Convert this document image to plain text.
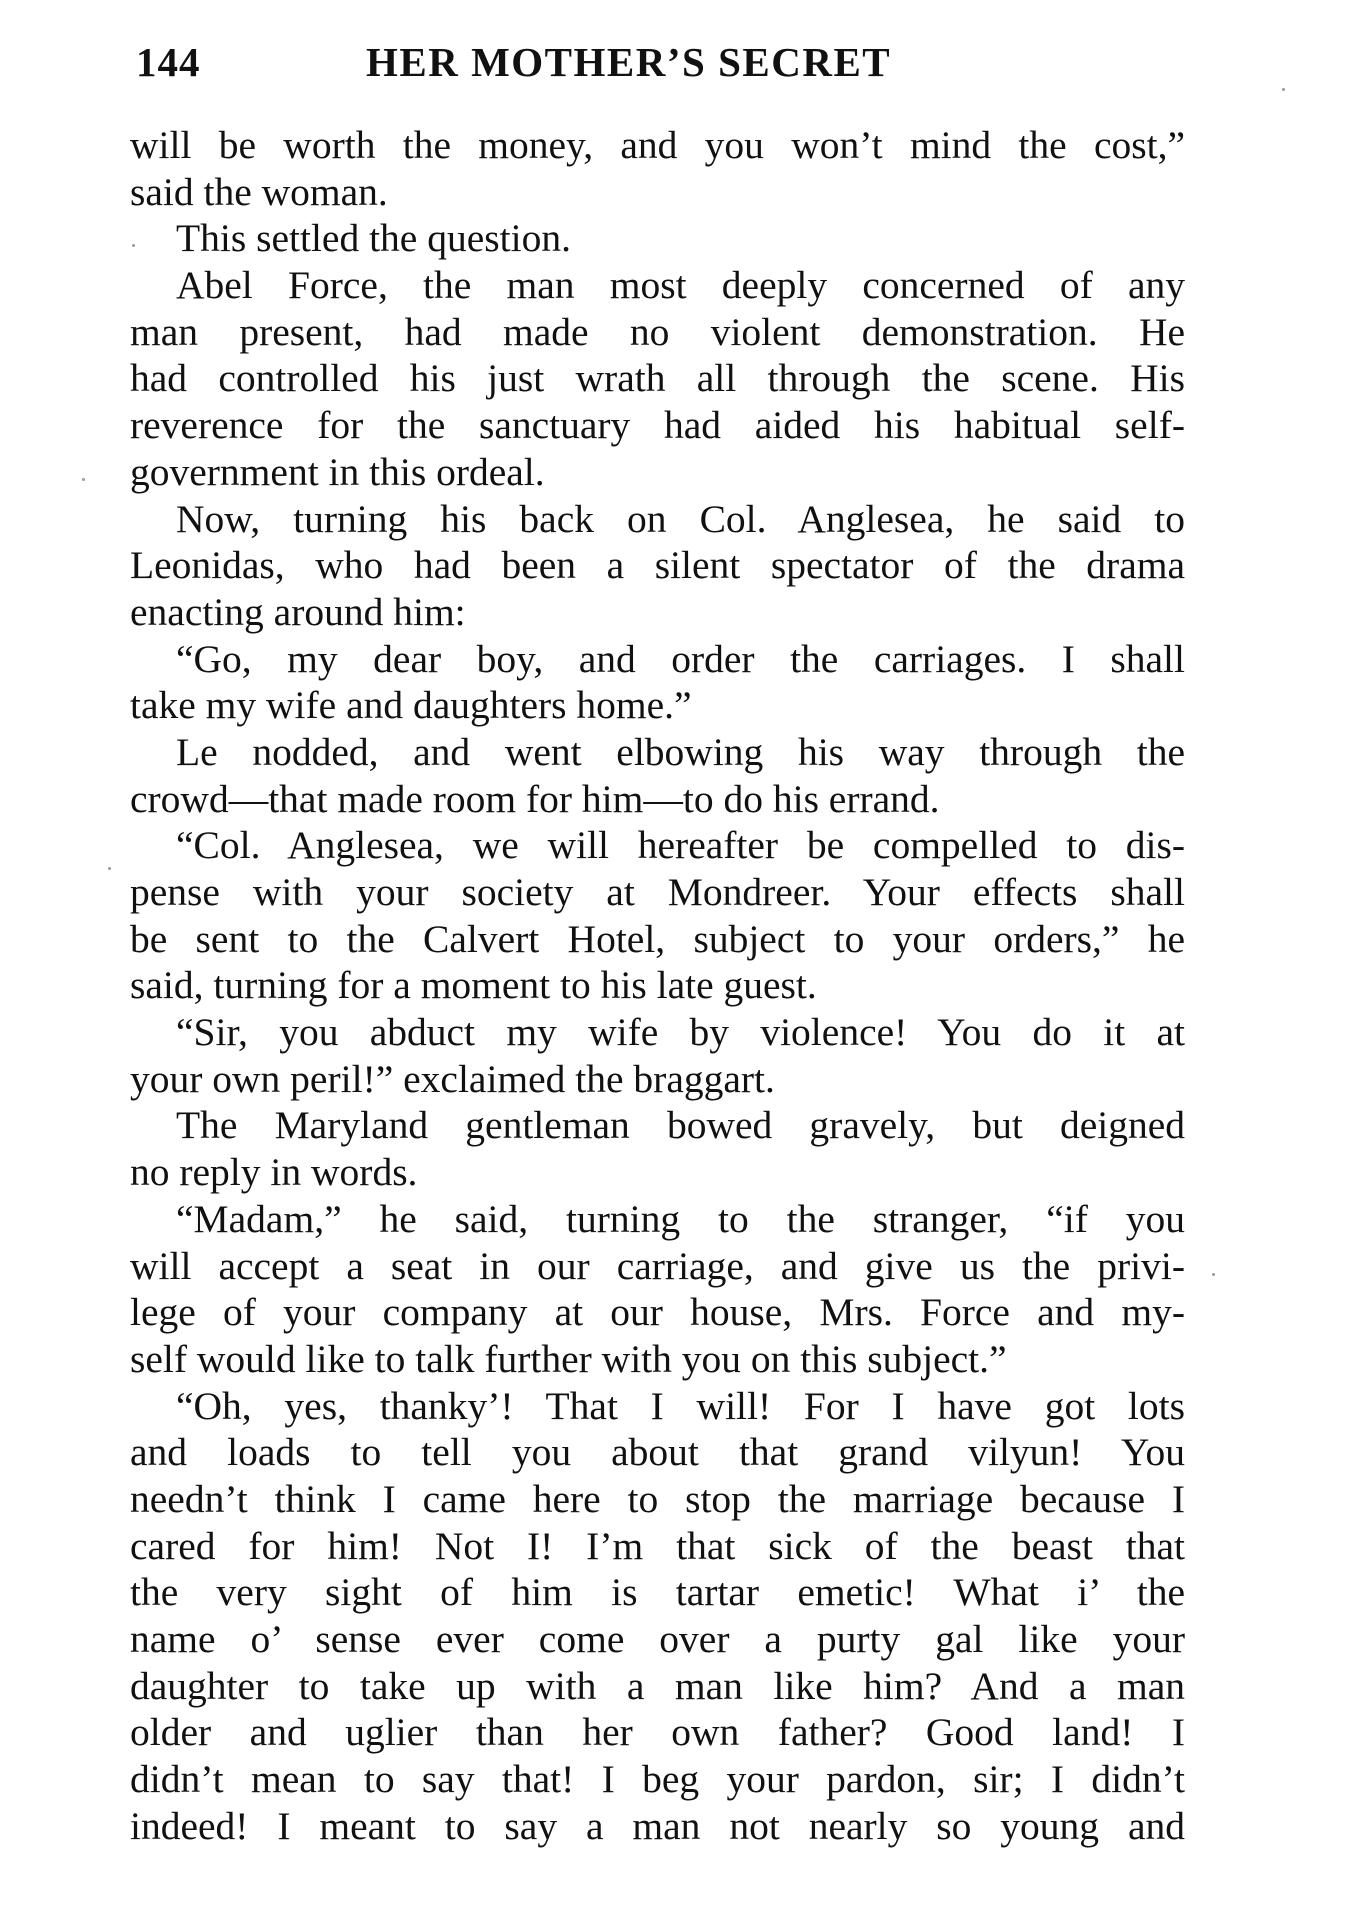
144	HER MOTHER’S SECRET
will be worth the money, and you won’t mind the cost,”
said the woman.
This settled the question.
Abel Force, the man most deeply concerned of any
man present, had made no violent demonstration. He
had controlled his just wrath all through the scene. His
reverence for the sanctuary had aided his habitual self-
government in this ordeal.
Now, turning his back on Col. Anglesea, he said to
Leonidas, who had been a silent spectator of the drama
enacting around him:
“Go, my dear boy, and order the carriages. I shall
take my wife and daughters home.”
Le nodded, and went elbowing his way through the
crowd—that made room for him—to do his errand.
“Col. Anglesea, we will hereafter be compelled to dis-
pense with your society at Mondreer. Your effects shall
be sent to the Calvert Hotel, subject to your orders,” he
said, turning for a moment to his late guest.
“Sir, you abduct my wife by violence! You do it at
your own peril!” exclaimed the braggart.
The Maryland gentleman bowed gravely, but deigned
no reply in words.
“Madam,” he said, turning to the stranger, “if you
will accept a seat in our carriage, and give us the privi-
lege of your company at our house, Mrs. Force and my-
self would like to talk further with you on this subject.”
“Oh, yes, thanky’! That I will! For I have got lots
and loads to tell you about that grand vilyun! You
needn’t think I came here to stop the marriage because I
cared for him! Not I! I’m that sick of the beast that
the very sight of him is tartar emetic! What i’ the
name o’ sense ever come over a purty gal like your
daughter to take up with a man like him? And a man
older and uglier than her own father? Good land! I
didn’t mean to say that! I beg your pardon, sir; I didn’t
indeed! I meant to say a man not nearly so young and
